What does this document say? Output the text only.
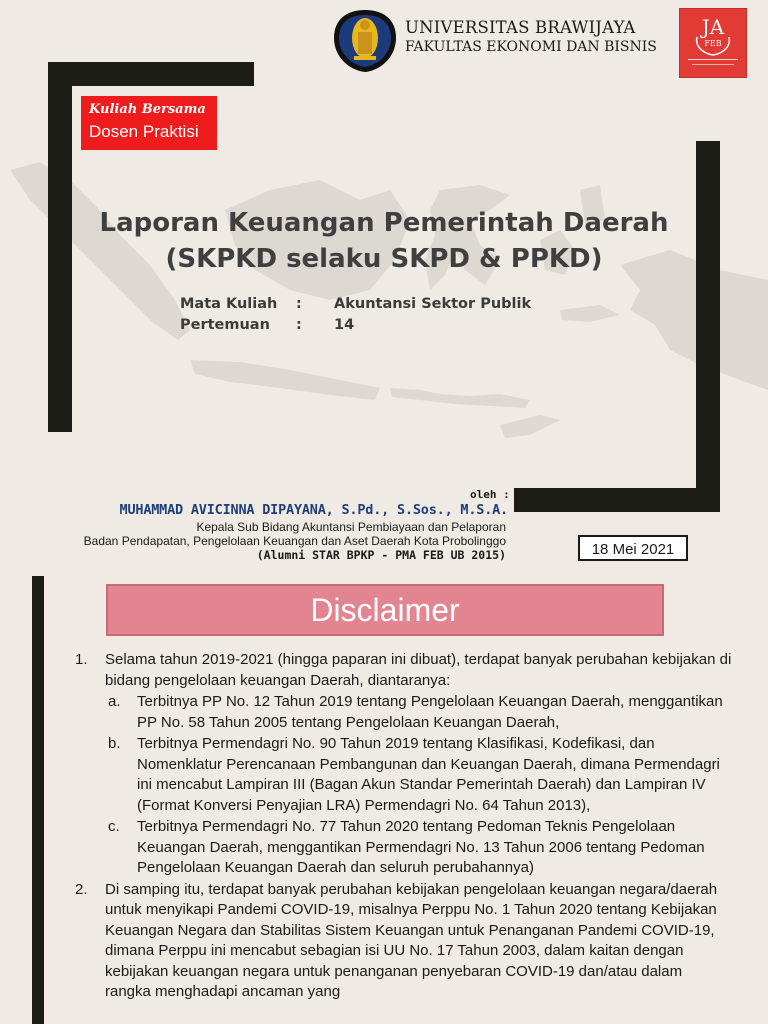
UNIVERSITAS BRAWIJAYA
FAKULTAS EKONOMI DAN BISNIS
JA
FEB
Kuliah Bersama
Dosen Praktisi
Laporan Keuangan Pemerintah Daerah
(SKPKD selaku SKPD & PPKD)
Mata Kuliah : Akuntansi Sektor Publik
Pertemuan : 14
oleh :
MUHAMMAD AVICINNA DIPAYANA, S.Pd., S.Sos., M.S.A.
Kepala Sub Bidang Akuntansi Pembiayaan dan Pelaporan
Badan Pendapatan, Pengelolaan Keuangan dan Aset Daerah Kota Probolinggo
(Alumni STAR BPKP - PMA FEB UB 2015)	18 Mei 2021
Disclaimer
1. Selama tahun 2019-2021 (hingga paparan ini dibuat), terdapat banyak perubahan kebijakan di bidang pengelolaan keuangan Daerah, diantaranya:
a. Terbitnya PP No. 12 Tahun 2019 tentang Pengelolaan Keuangan Daerah, menggantikan PP No. 58 Tahun 2005 tentang Pengelolaan Keuangan Daerah,
b. Terbitnya Permendagri No. 90 Tahun 2019 tentang Klasifikasi, Kodefikasi, dan Nomenklatur Perencanaan Pembangunan dan Keuangan Daerah, dimana Permendagri ini mencabut Lampiran III (Bagan Akun Standar Pemerintah Daerah) dan Lampiran IV (Format Konversi Penyajian LRA) Permendagri No. 64 Tahun 2013),
c. Terbitnya Permendagri No. 77 Tahun 2020 tentang Pedoman Teknis Pengelolaan Keuangan Daerah, menggantikan Permendagri No. 13 Tahun 2006 tentang Pedoman Pengelolaan Keuangan Daerah dan seluruh perubahannya)
2. Di samping itu, terdapat banyak perubahan kebijakan pengelolaan keuangan negara/daerah untuk menyikapi Pandemi COVID-19, misalnya Perppu No. 1 Tahun 2020 tentang Kebijakan Keuangan Negara dan Stabilitas Sistem Keuangan untuk Penanganan Pandemi COVID-19, dimana Perppu ini mencabut sebagian isi UU No. 17 Tahun 2003, dalam kaitan dengan kebijakan keuangan negara untuk penanganan penyebaran COVID-19 dan/atau dalam rangka menghadapi ancaman yang
